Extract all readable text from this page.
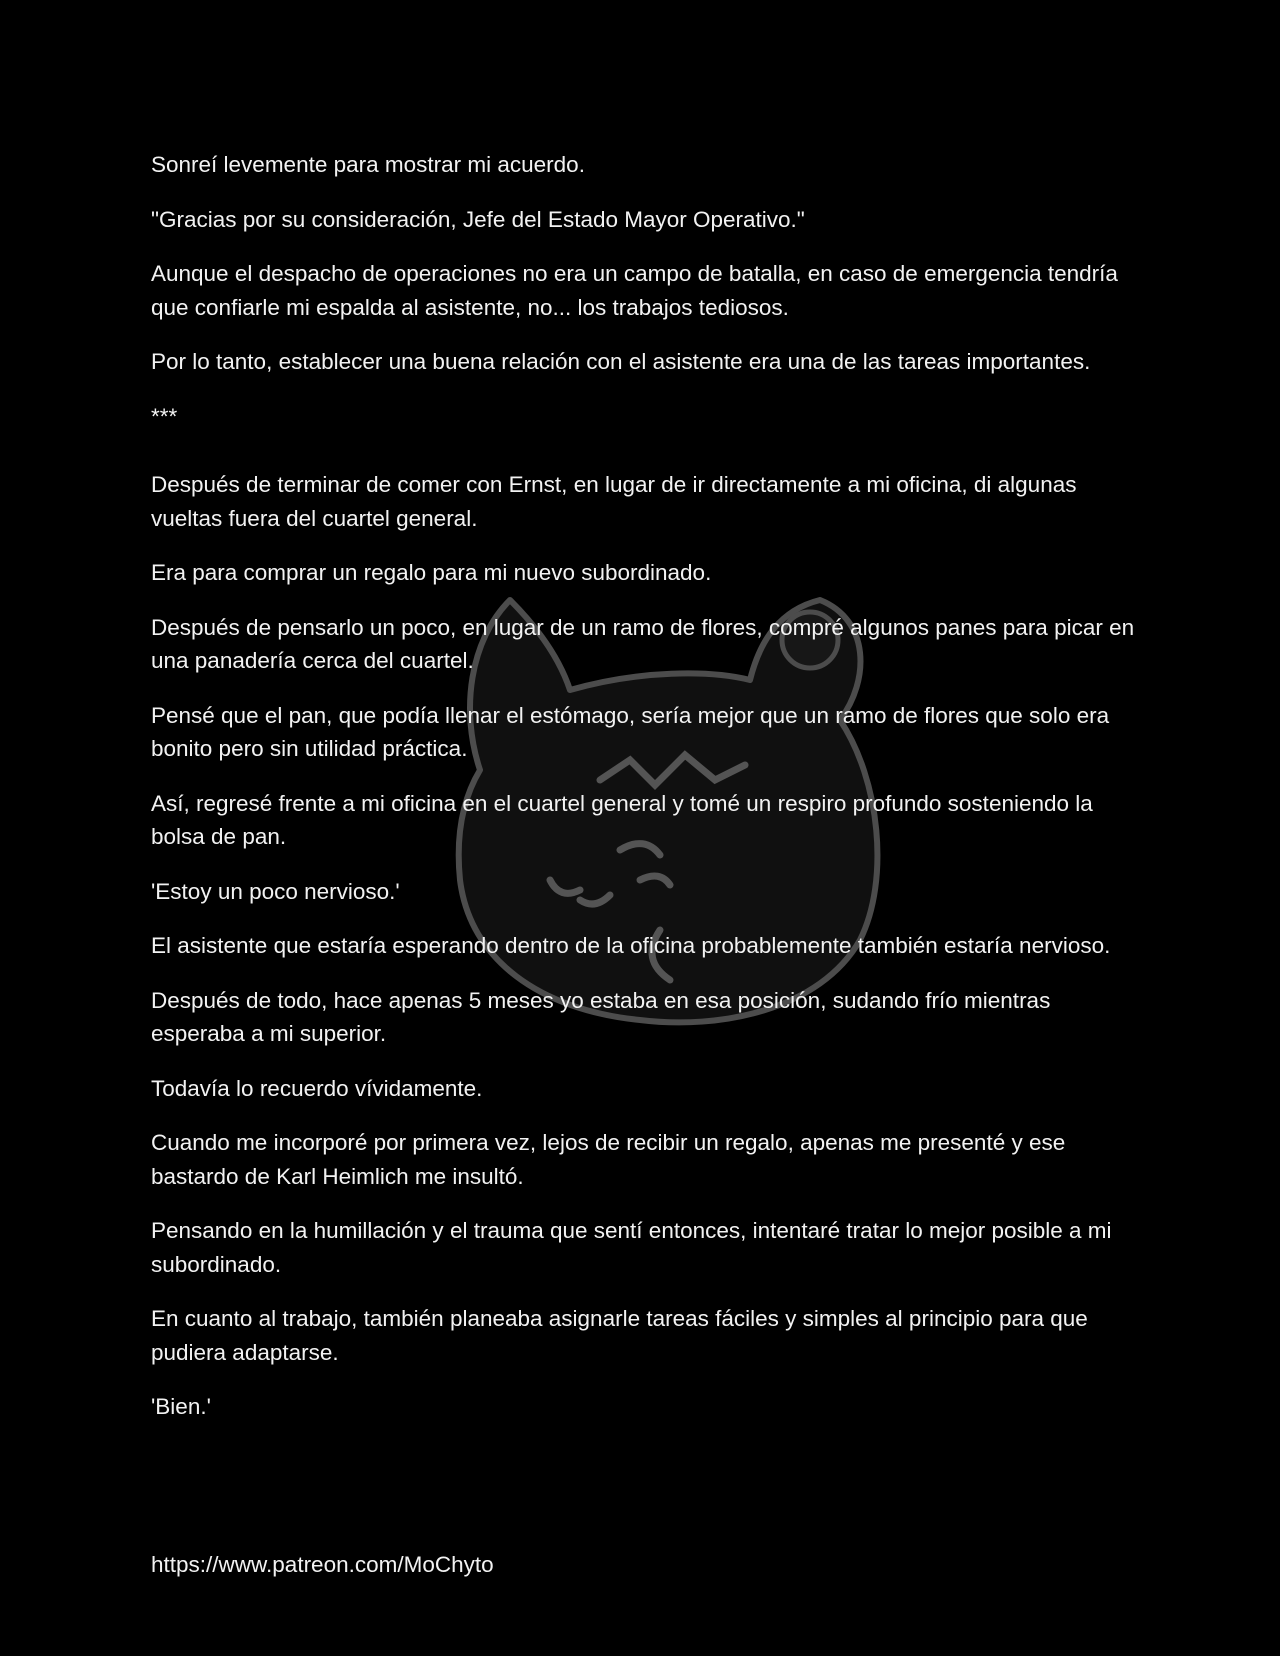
Sonreí levemente para mostrar mi acuerdo.

"Gracias por su consideración, Jefe del Estado Mayor Operativo."

Aunque el despacho de operaciones no era un campo de batalla, en caso de emergencia tendría que confiarle mi espalda al asistente, no... los trabajos tediosos.

Por lo tanto, establecer una buena relación con el asistente era una de las tareas importantes.

***

Después de terminar de comer con Ernst, en lugar de ir directamente a mi oficina, di algunas vueltas fuera del cuartel general.

Era para comprar un regalo para mi nuevo subordinado.

Después de pensarlo un poco, en lugar de un ramo de flores, compré algunos panes para picar en una panadería cerca del cuartel.

Pensé que el pan, que podía llenar el estómago, sería mejor que un ramo de flores que solo era bonito pero sin utilidad práctica.

Así, regresé frente a mi oficina en el cuartel general y tomé un respiro profundo sosteniendo la bolsa de pan.

'Estoy un poco nervioso.'

El asistente que estaría esperando dentro de la oficina probablemente también estaría nervioso.

Después de todo, hace apenas 5 meses yo estaba en esa posición, sudando frío mientras esperaba a mi superior.

Todavía lo recuerdo vívidamente.

Cuando me incorporé por primera vez, lejos de recibir un regalo, apenas me presenté y ese bastardo de Karl Heimlich me insultó.

Pensando en la humillación y el trauma que sentí entonces, intentaré tratar lo mejor posible a mi subordinado.

En cuanto al trabajo, también planeaba asignarle tareas fáciles y simples al principio para que pudiera adaptarse.

'Bien.'

https://www.patreon.com/MoChyto
